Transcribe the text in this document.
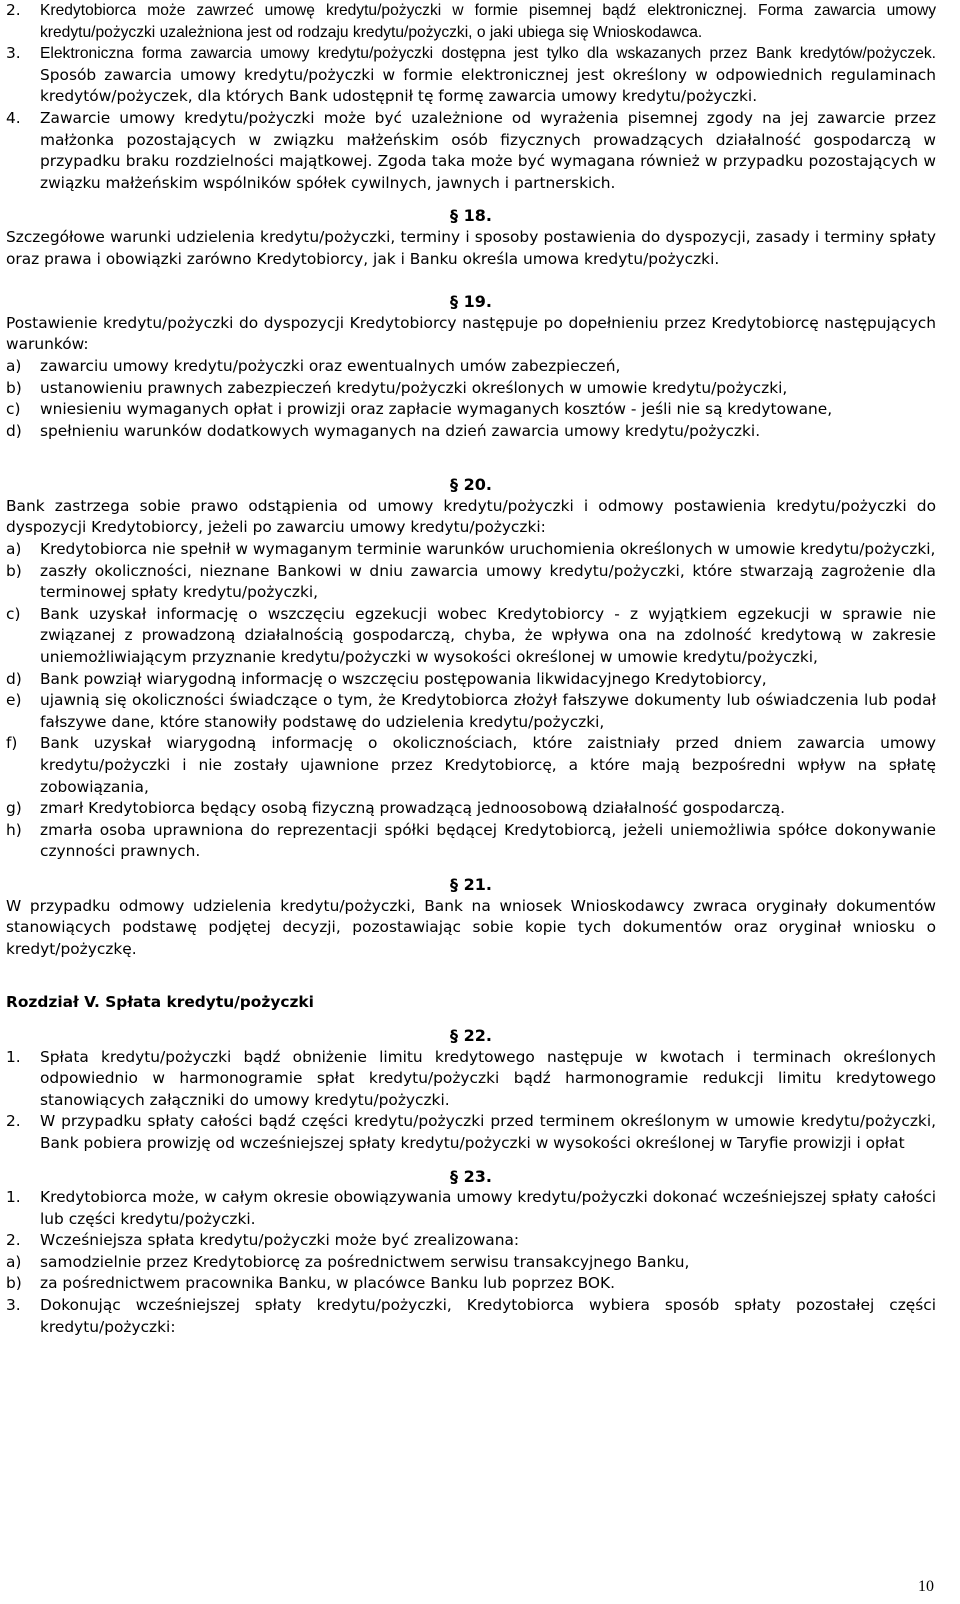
2.	Kredytobiorca może zawrzeć umowę kredytu/pożyczki w formie pisemnej bądź elektronicznej. Forma zawarcia umowy kredytu/pożyczki uzależniona jest od rodzaju kredytu/pożyczki, o jaki ubiega się Wnioskodawca.

3.	Elektroniczna forma zawarcia umowy kredytu/pożyczki dostępna jest tylko dla wskazanych przez Bank kredytów/pożyczek. Sposób zawarcia umowy kredytu/pożyczki w formie elektronicznej jest określony w odpowiednich regulaminach kredytów/pożyczek, dla których Bank udostępnił tę formę zawarcia umowy kredytu/pożyczki.

4.	Zawarcie umowy kredytu/pożyczki może być uzależnione od wyrażenia pisemnej zgody na jej zawarcie przez małżonka pozostających w związku małżeńskim osób fizycznych prowadzących działalność gospodarczą w przypadku braku rozdzielności majątkowej. Zgoda taka może być wymagana również w przypadku pozostających w związku małżeńskim wspólników spółek cywilnych, jawnych i partnerskich.

§ 18.

Szczegółowe warunki udzielenia kredytu/pożyczki, terminy i sposoby postawienia do dyspozycji, zasady i terminy spłaty oraz prawa i obowiązki zarówno Kredytobiorcy, jak i Banku określa umowa kredytu/pożyczki.

§ 19.

Postawienie kredytu/pożyczki do dyspozycji Kredytobiorcy następuje po dopełnieniu przez Kredytobiorcę następujących warunków:

a)	zawarciu umowy kredytu/pożyczki oraz ewentualnych umów zabezpieczeń,

b)	ustanowieniu prawnych zabezpieczeń kredytu/pożyczki określonych w umowie kredytu/pożyczki,

c)	wniesieniu wymaganych opłat i prowizji oraz zapłacie wymaganych kosztów - jeśli nie są kredytowane,

d)	spełnieniu warunków dodatkowych wymaganych na dzień zawarcia umowy kredytu/pożyczki.

§ 20.

Bank zastrzega sobie prawo odstąpienia od umowy kredytu/pożyczki i odmowy postawienia kredytu/pożyczki do dyspozycji Kredytobiorcy, jeżeli po zawarciu umowy kredytu/pożyczki:

a)	Kredytobiorca nie spełnił w wymaganym terminie warunków uruchomienia określonych w umowie kredytu/pożyczki,

b)	zaszły okoliczności, nieznane Bankowi w dniu zawarcia umowy kredytu/pożyczki, które stwarzają zagrożenie dla terminowej spłaty kredytu/pożyczki,

c)	Bank uzyskał informację o wszczęciu egzekucji wobec Kredytobiorcy - z wyjątkiem egzekucji w sprawie nie związanej z prowadzoną działalnością gospodarczą, chyba, że wpływa ona na zdolność kredytową w zakresie uniemożliwiającym przyznanie kredytu/pożyczki w wysokości określonej w umowie kredytu/pożyczki,

d)	Bank powziął wiarygodną informację o wszczęciu postępowania likwidacyjnego Kredytobiorcy,

e)	ujawnią się okoliczności świadczące o tym, że Kredytobiorca złożył fałszywe dokumenty lub oświadczenia lub podał fałszywe dane, które stanowiły podstawę do udzielenia kredytu/pożyczki,

f)	Bank uzyskał wiarygodną informację o okolicznościach, które zaistniały przed dniem zawarcia umowy kredytu/pożyczki i nie zostały ujawnione przez Kredytobiorcę, a które mają bezpośredni wpływ na spłatę zobowiązania,

g)	zmarł Kredytobiorca będący osobą fizyczną prowadzącą jednoosobową działalność gospodarczą.

h)	zmarła osoba uprawniona do reprezentacji spółki będącej Kredytobiorcą, jeżeli uniemożliwia spółce dokonywanie czynności prawnych.

§ 21.

W przypadku odmowy udzielenia kredytu/pożyczki, Bank na wniosek Wnioskodawcy zwraca oryginały dokumentów stanowiących podstawę podjętej decyzji, pozostawiając sobie kopie tych dokumentów oraz oryginał wniosku o kredyt/pożyczkę.

Rozdział V. Spłata kredytu/pożyczki
§ 22.
1.	Spłata kredytu/pożyczki bądź obniżenie limitu kredytowego następuje w kwotach i terminach określonych odpowiednio w harmonogramie spłat kredytu/pożyczki bądź harmonogramie redukcji limitu kredytowego stanowiących załączniki do umowy kredytu/pożyczki.

2.	W przypadku spłaty całości bądź części kredytu/pożyczki przed terminem określonym w umowie kredytu/pożyczki, Bank pobiera prowizję od wcześniejszej spłaty kredytu/pożyczki w wysokości określonej w Taryfie prowizji i opłat

§ 23.
1.	Kredytobiorca może, w całym okresie obowiązywania umowy kredytu/pożyczki dokonać wcześniejszej spłaty całości lub części kredytu/pożyczki.

2.	Wcześniejsza spłata kredytu/pożyczki może być zrealizowana:

a)	samodzielnie przez Kredytobiorcę za pośrednictwem serwisu transakcyjnego Banku,

b)	za pośrednictwem pracownika Banku, w placówce Banku lub poprzez BOK.

3.	Dokonując wcześniejszej spłaty kredytu/pożyczki, Kredytobiorca wybiera sposób spłaty pozostałej części kredytu/pożyczki:

10
